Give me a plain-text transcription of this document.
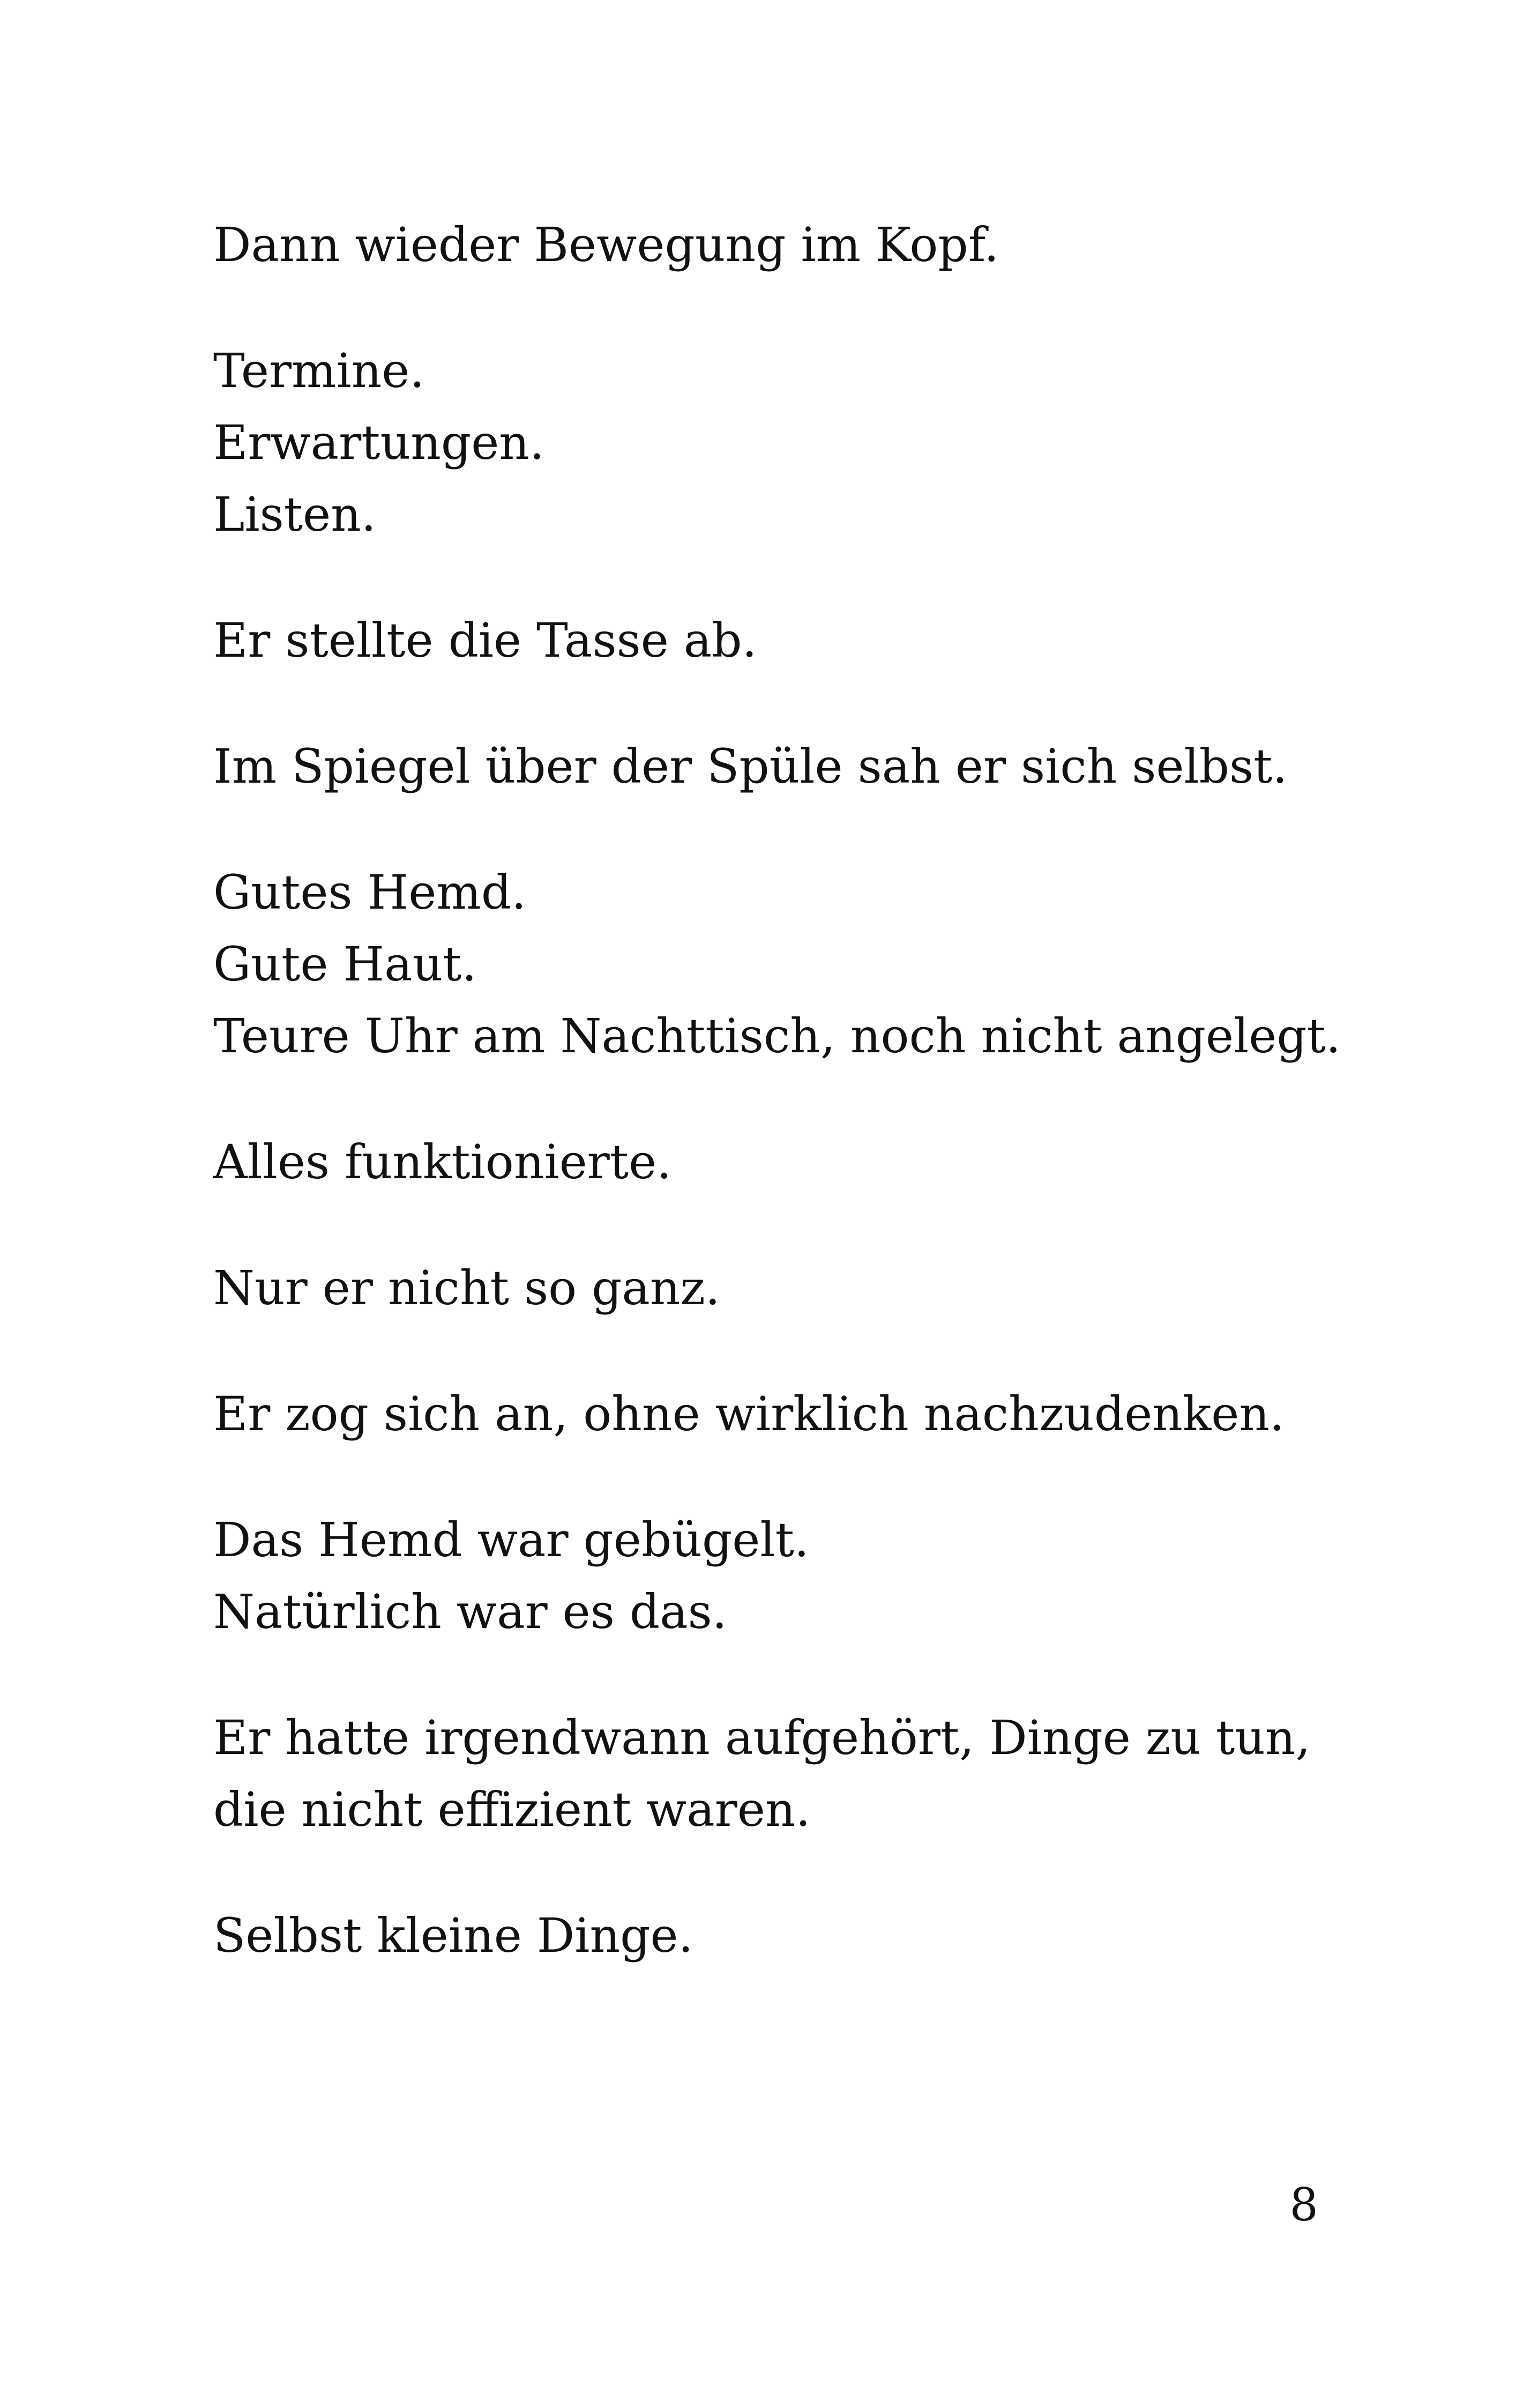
Dann wieder Bewegung im Kopf.

Termine.
Erwartungen.
Listen.

Er stellte die Tasse ab.

Im Spiegel über der Spüle sah er sich selbst.

Gutes Hemd.
Gute Haut.
Teure Uhr am Nachttisch, noch nicht angelegt.

Alles funktionierte.

Nur er nicht so ganz.

Er zog sich an, ohne wirklich nachzudenken.

Das Hemd war gebügelt.
Natürlich war es das.

Er hatte irgendwann aufgehört, Dinge zu tun,
die nicht effizient waren.

Selbst kleine Dinge.

8
